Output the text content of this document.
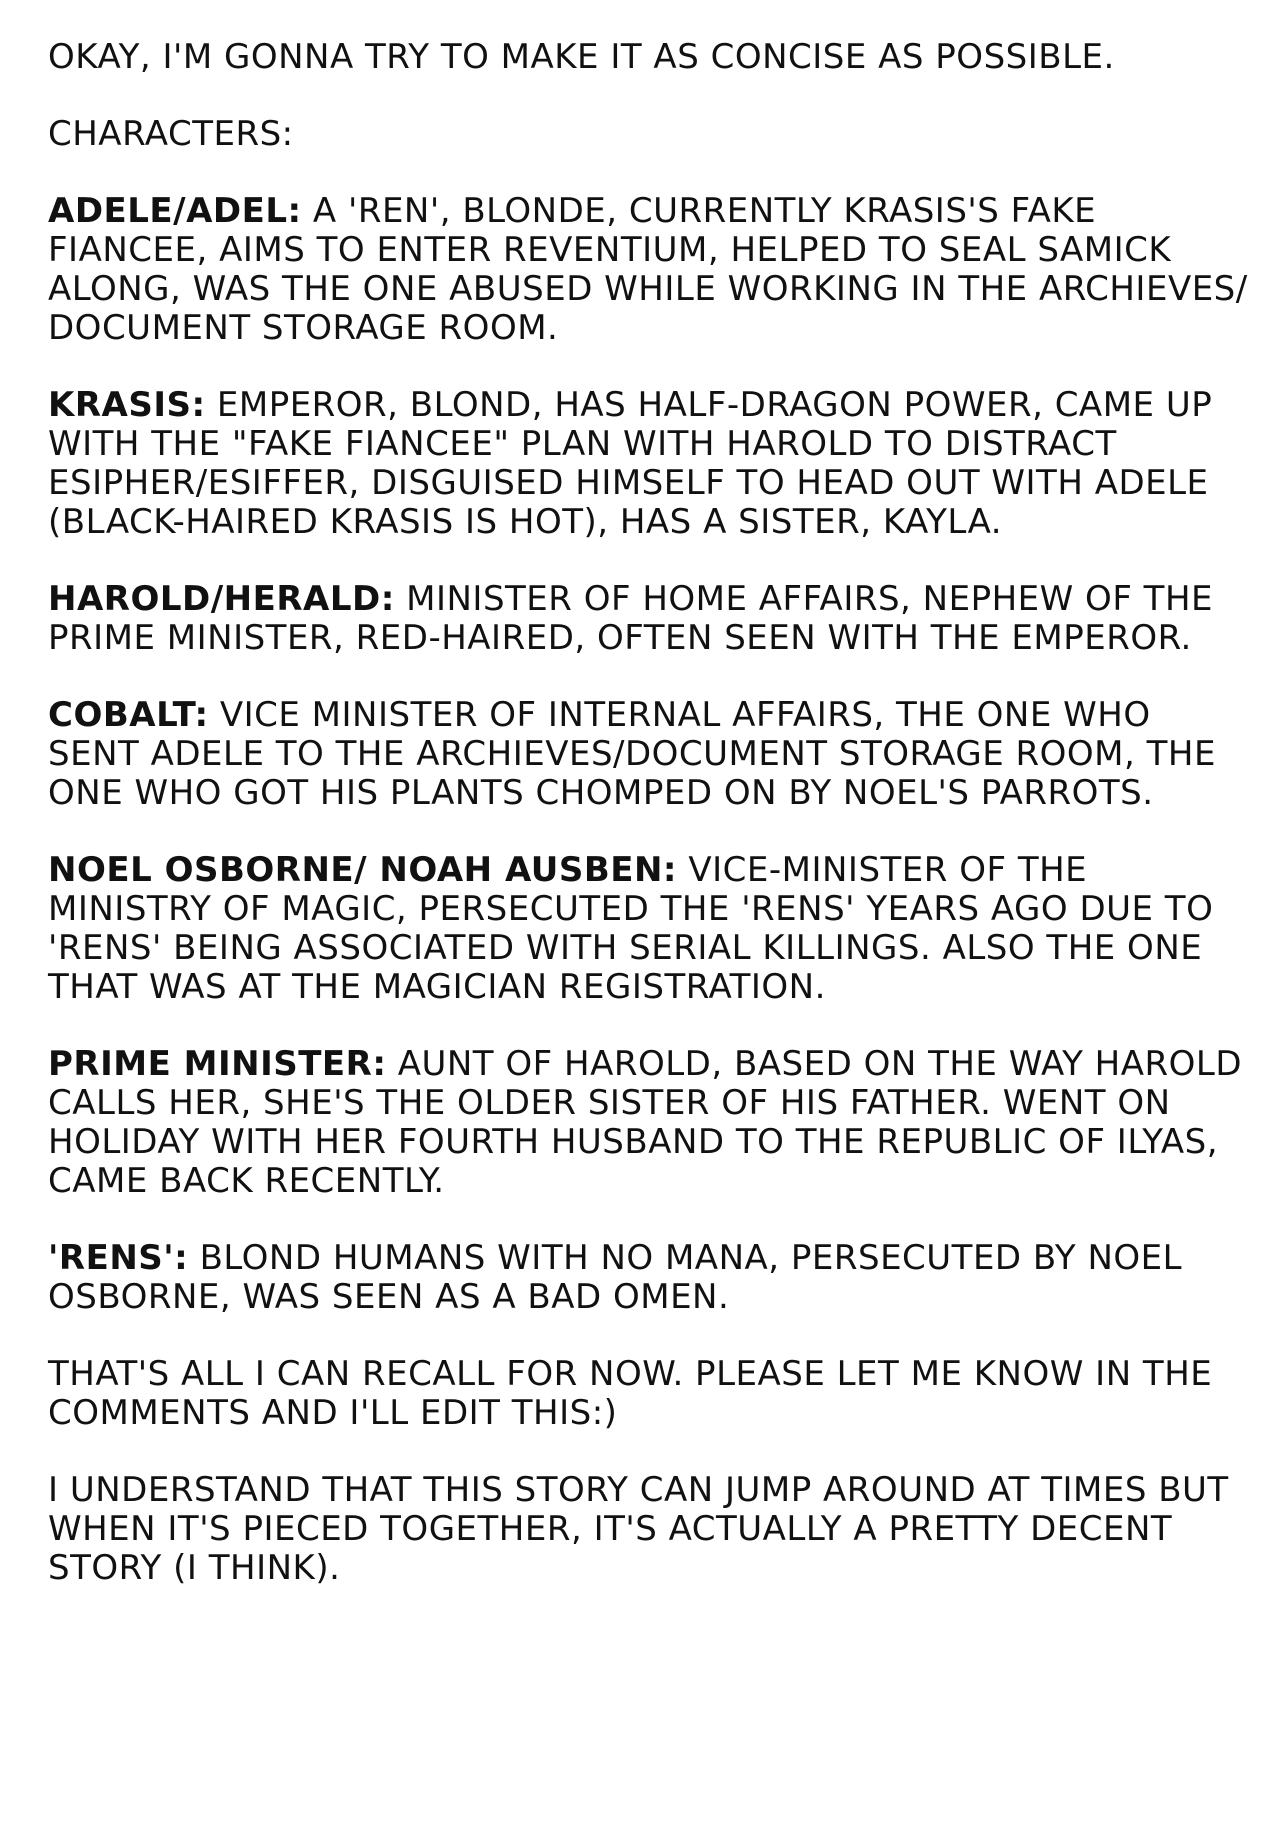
OKAY, I'M GONNA TRY TO MAKE IT AS CONCISE AS POSSIBLE.

CHARACTERS:

ADELE/ADEL: A 'REN', BLONDE, CURRENTLY KRASIS'S FAKE FIANCEE, AIMS TO ENTER REVENTIUM, HELPED TO SEAL SAMICK ALONG, WAS THE ONE ABUSED WHILE WORKING IN THE ARCHIEVES/ DOCUMENT STORAGE ROOM.

KRASIS: EMPEROR, BLOND, HAS HALF-DRAGON POWER, CAME UP WITH THE "FAKE FIANCEE" PLAN WITH HAROLD TO DISTRACT ESIPHER/ESIFFER, DISGUISED HIMSELF TO HEAD OUT WITH ADELE (BLACK-HAIRED KRASIS IS HOT), HAS A SISTER, KAYLA.

HAROLD/HERALD: MINISTER OF HOME AFFAIRS, NEPHEW OF THE PRIME MINISTER, RED-HAIRED, OFTEN SEEN WITH THE EMPEROR.

COBALT: VICE MINISTER OF INTERNAL AFFAIRS, THE ONE WHO SENT ADELE TO THE ARCHIEVES/DOCUMENT STORAGE ROOM, THE ONE WHO GOT HIS PLANTS CHOMPED ON BY NOEL'S PARROTS.

NOEL OSBORNE/ NOAH AUSBEN: VICE-MINISTER OF THE MINISTRY OF MAGIC, PERSECUTED THE 'RENS' YEARS AGO DUE TO 'RENS' BEING ASSOCIATED WITH SERIAL KILLINGS. ALSO THE ONE THAT WAS AT THE MAGICIAN REGISTRATION.

PRIME MINISTER: AUNT OF HAROLD, BASED ON THE WAY HAROLD CALLS HER, SHE'S THE OLDER SISTER OF HIS FATHER. WENT ON HOLIDAY WITH HER FOURTH HUSBAND TO THE REPUBLIC OF ILYAS, CAME BACK RECENTLY.

'RENS': BLOND HUMANS WITH NO MANA, PERSECUTED BY NOEL OSBORNE, WAS SEEN AS A BAD OMEN.

THAT'S ALL I CAN RECALL FOR NOW. PLEASE LET ME KNOW IN THE COMMENTS AND I'LL EDIT THIS:)

I UNDERSTAND THAT THIS STORY CAN JUMP AROUND AT TIMES BUT WHEN IT'S PIECED TOGETHER, IT'S ACTUALLY A PRETTY DECENT STORY (I THINK).
